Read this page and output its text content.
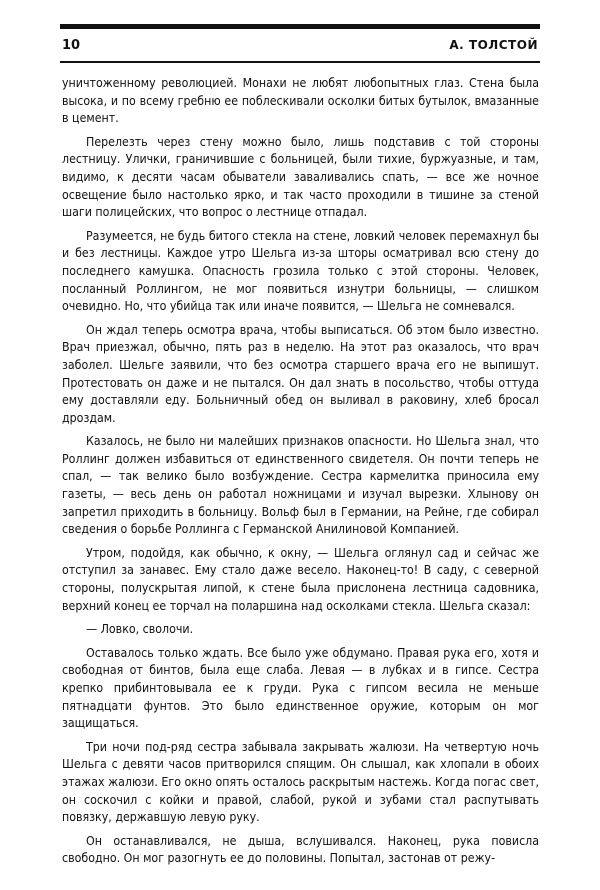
10	А. ТОЛСТОЙ

уничтоженному революцией. Монахи не любят любопытных глаз. Стена была высока, и по всему гребню ее поблескивали осколки битых бутылок, вмазанные в цемент.

Перелезть через стену можно было, лишь подставив с той стороны лестницу. Улички, граничившие с больницей, были тихие, буржуазные, и там, видимо, к десяти часам обыватели заваливались спать, — все же ночное освещение было настолько ярко, и так часто проходили в тишине за стеной шаги полицейских, что вопрос о лестнице отпадал.

Разумеется, не будь битого стекла на стене, ловкий человек перемахнул бы и без лестницы. Каждое утро Шельга из-за шторы осматривал всю стену до последнего камушка. Опасность грозила только с этой стороны. Человек, посланный Роллингом, не мог появиться изнутри больницы, — слишком очевидно. Но, что убийца так или иначе появится, — Шельга не сомневался.

Он ждал теперь осмотра врача, чтобы выписаться. Об этом было известно. Врач приезжал, обычно, пять раз в неделю. На этот раз оказалось, что врач заболел. Шельге заявили, что без осмотра старшего врача его не выпишут. Протестовать он даже и не пытался. Он дал знать в посольство, чтобы оттуда ему доставляли еду. Больничный обед он выливал в раковину, хлеб бросал дроздам.

Казалось, не было ни малейших признаков опасности. Но Шельга знал, что Роллинг должен избавиться от единственного свидетеля. Он почти теперь не спал, — так велико было возбуждение. Сестра кармелитка приносила ему газеты, — весь день он работал ножницами и изучал вырезки. Хлынову он запретил приходить в больницу. Вольф был в Германии, на Рейне, где собирал сведения о борьбе Роллинга с Германской Анилиновой Компанией.

Утром, подойдя, как обычно, к окну, — Шельга оглянул сад и сейчас же отступил за занавес. Ему стало даже весело. Наконец-то! В саду, с северной стороны, полускрытая липой, к стене была прислонена лестница садовника, верхний конец ее торчал на поларшина над осколками стекла. Шельга сказал:

— Ловко, сволочи.

Оставалось только ждать. Все было уже обдумано. Правая рука его, хотя и свободная от бинтов, была еще слаба. Левая — в лубках и в гипсе. Сестра крепко прибинтовывала ее к груди. Рука с гипсом весила не меньше пятнадцати фунтов. Это было единственное оружие, которым он мог защищаться.

Три ночи под-ряд сестра забывала закрывать жалюзи. На четвертую ночь Шельга с девяти часов притворился спящим. Он слышал, как хлопали в обоих этажах жалюзи. Его окно опять осталось раскрытым настежь. Когда погас свет, он соскочил с койки и правой, слабой, рукой и зубами стал распутывать повязку, державшую левую руку.

Он останавливался, не дыша, вслушивался. Наконец, рука повисла свободно. Он мог разогнуть ее до половины. Попытал, застонав от режу-
